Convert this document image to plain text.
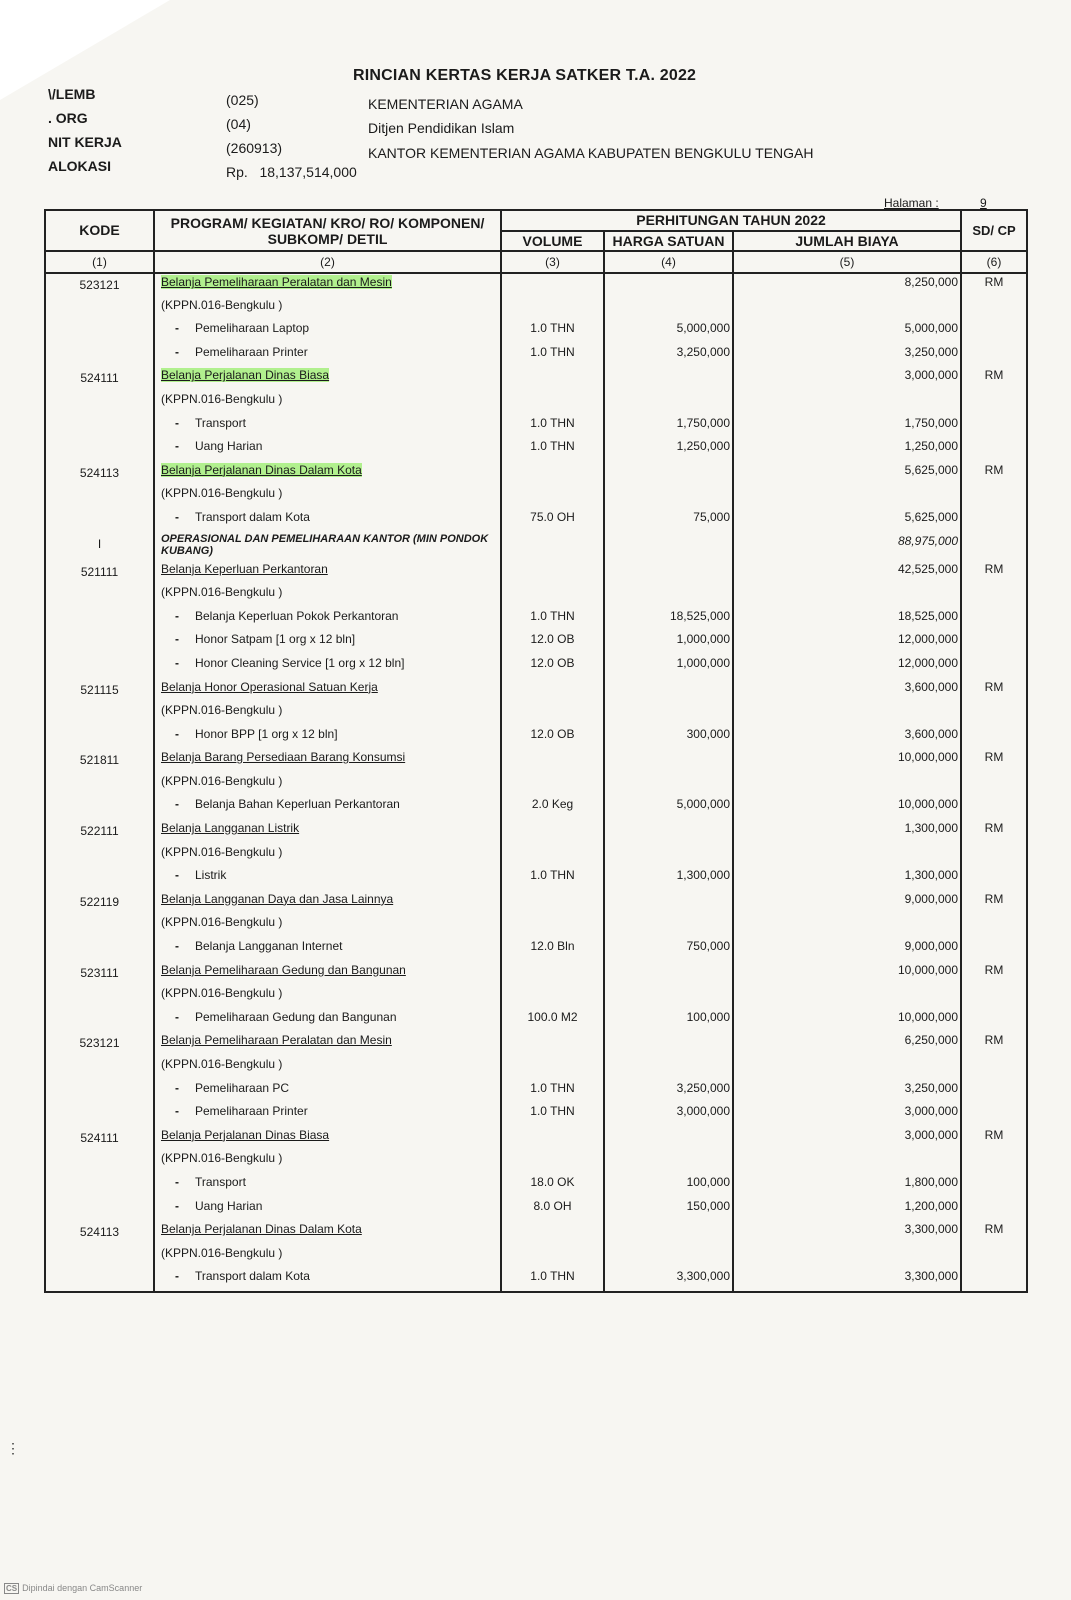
RINCIAN KERTAS KERJA SATKER T.A. 2022
\/LEMB	(025)	KEMENTERIAN AGAMA
. ORG	(04)	Ditjen Pendidikan Islam
NIT KERJA	(260913)	KANTOR KEMENTERIAN AGAMA KABUPATEN BENGKULU TENGAH
ALOKASI	Rp.   18,137,514,000
Halaman :	9
KODE	PROGRAM/ KEGIATAN/ KRO/ RO/ KOMPONEN/ SUBKOMP/ DETIL	PERHITUNGAN TAHUN 2022			SD/ CP
		VOLUME	HARGA SATUAN	JUMLAH BIAYA	
(1)	(2)	(3)	(4)	(5)	(6)
523121	Belanja Pemeliharaan Peralatan dan Mesin			8,250,000	RM
	(KPPN.016-Bengkulu )				
	- Pemeliharaan Laptop	1.0 THN	5,000,000	5,000,000	
	- Pemeliharaan Printer	1.0 THN	3,250,000	3,250,000	
524111	Belanja Perjalanan Dinas Biasa			3,000,000	RM
	(KPPN.016-Bengkulu )				
	- Transport	1.0 THN	1,750,000	1,750,000	
	- Uang Harian	1.0 THN	1,250,000	1,250,000	
524113	Belanja Perjalanan Dinas Dalam Kota			5,625,000	RM
	(KPPN.016-Bengkulu )				
	- Transport dalam Kota	75.0 OH	75,000	5,625,000	
I	OPERASIONAL DAN PEMELIHARAAN KANTOR (MIN PONDOK KUBANG)			88,975,000	
521111	Belanja Keperluan Perkantoran			42,525,000	RM
	(KPPN.016-Bengkulu )				
	- Belanja Keperluan Pokok Perkantoran	1.0 THN	18,525,000	18,525,000	
	- Honor Satpam [1 org x 12 bln]	12.0 OB	1,000,000	12,000,000	
	- Honor Cleaning Service [1 org x 12 bln]	12.0 OB	1,000,000	12,000,000	
521115	Belanja Honor Operasional Satuan Kerja			3,600,000	RM
	(KPPN.016-Bengkulu )				
	- Honor BPP [1 org x 12 bln]	12.0 OB	300,000	3,600,000	
521811	Belanja Barang Persediaan Barang Konsumsi			10,000,000	RM
	(KPPN.016-Bengkulu )				
	- Belanja Bahan Keperluan Perkantoran	2.0 Keg	5,000,000	10,000,000	
522111	Belanja Langganan Listrik			1,300,000	RM
	(KPPN.016-Bengkulu )				
	- Listrik	1.0 THN	1,300,000	1,300,000	
522119	Belanja Langganan Daya dan Jasa Lainnya			9,000,000	RM
	(KPPN.016-Bengkulu )				
	- Belanja Langganan Internet	12.0 Bln	750,000	9,000,000	
523111	Belanja Pemeliharaan Gedung dan Bangunan			10,000,000	RM
	(KPPN.016-Bengkulu )				
	- Pemeliharaan Gedung dan Bangunan	100.0 M2	100,000	10,000,000	
523121	Belanja Pemeliharaan Peralatan dan Mesin			6,250,000	RM
	(KPPN.016-Bengkulu )				
	- Pemeliharaan PC	1.0 THN	3,250,000	3,250,000	
	- Pemeliharaan Printer	1.0 THN	3,000,000	3,000,000	
524111	Belanja Perjalanan Dinas Biasa			3,000,000	RM
	(KPPN.016-Bengkulu )				
	- Transport	18.0 OK	100,000	1,800,000	
	- Uang Harian	8.0 OH	150,000	1,200,000	
524113	Belanja Perjalanan Dinas Dalam Kota			3,300,000	RM
	(KPPN.016-Bengkulu )				
	- Transport dalam Kota	1.0 THN	3,300,000	3,300,000	
⋮
CS Dipindai dengan CamScanner
